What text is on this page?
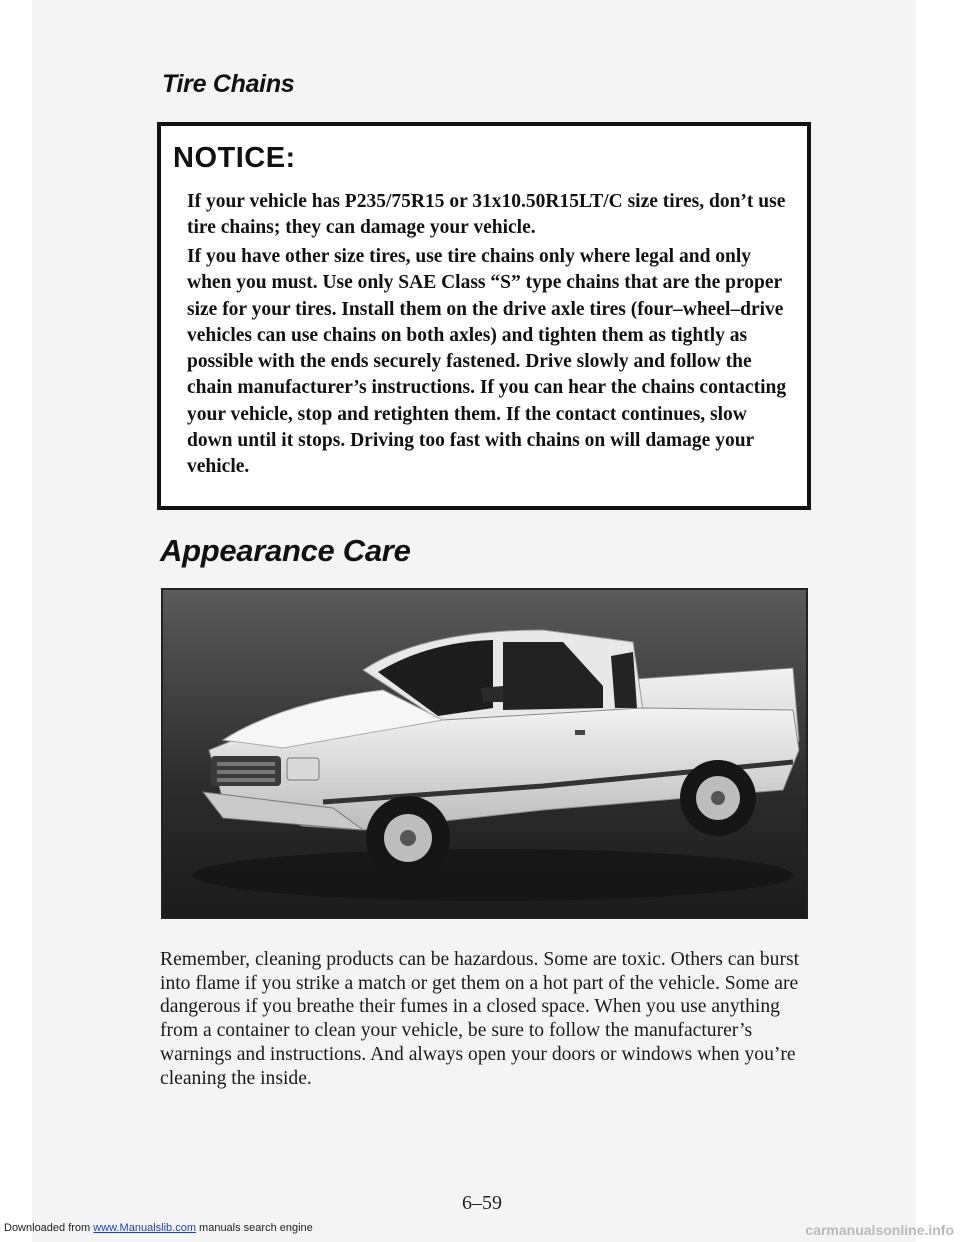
Tire Chains
NOTICE:

If your vehicle has P235/75R15 or 31x10.50R15LT/C size tires, don’t use tire chains; they can damage your vehicle.

If you have other size tires, use tire chains only where legal and only when you must. Use only SAE Class “S” type chains that are the proper size for your tires. Install them on the drive axle tires (four–wheel–drive vehicles can use chains on both axles) and tighten them as tightly as possible with the ends securely fastened. Drive slowly and follow the chain manufacturer’s instructions. If you can hear the chains contacting your vehicle, stop and retighten them. If the contact continues, slow down until it stops. Driving too fast with chains on will damage your vehicle.

Appearance Care

Remember, cleaning products can be hazardous. Some are toxic. Others can burst into flame if you strike a match or get them on a hot part of the vehicle. Some are dangerous if you breathe their fumes in a closed space. When you use anything from a container to clean your vehicle, be sure to follow the manufacturer’s warnings and instructions. And always open your doors or windows when you’re cleaning the inside.

6–59

Downloaded from www.Manualslib.com manuals search engine	carmanualsonline.info
